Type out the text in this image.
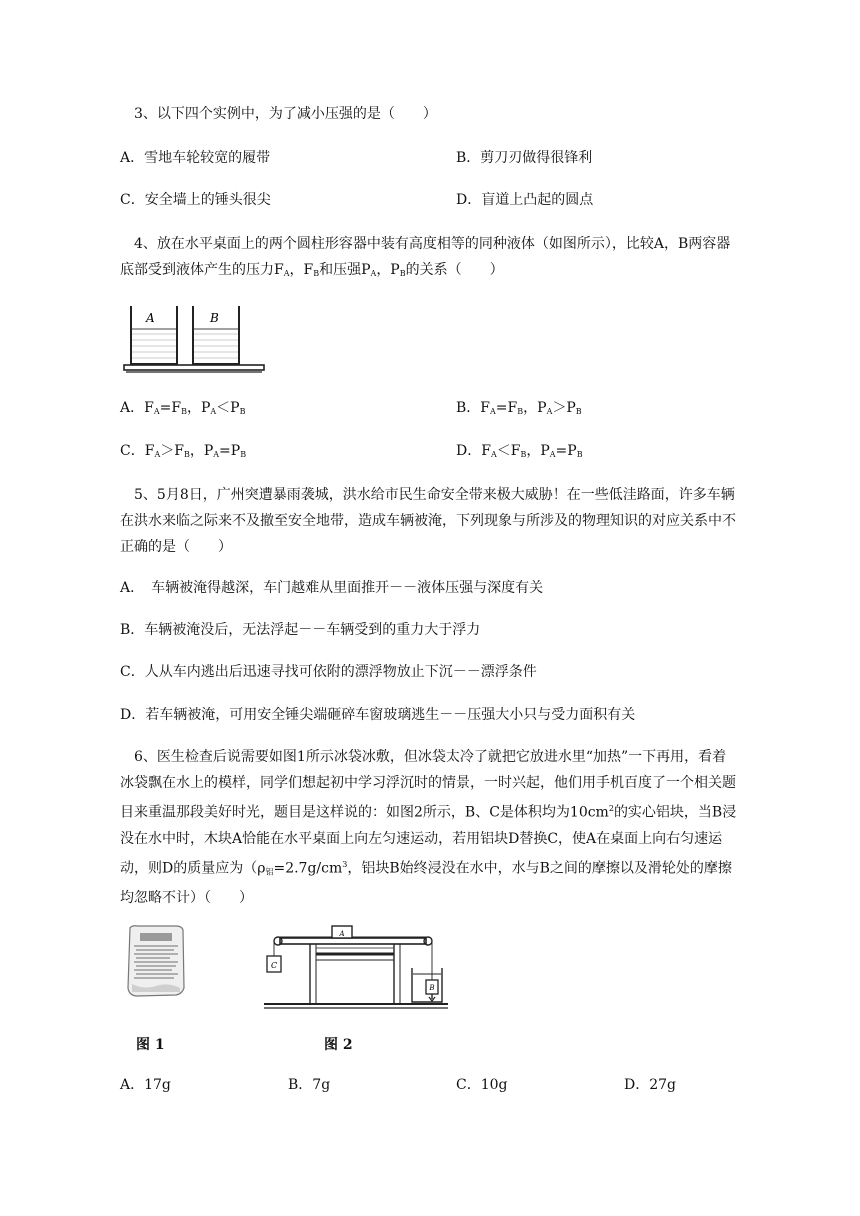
3、以下四个实例中，为了减小压强的是（　　）
A．雪地车轮较宽的履带	B．剪刀刃做得很锋利
C．安全墙上的锤头很尖	D．盲道上凸起的圆点
4、放在水平桌面上的两个圆柱形容器中装有高度相等的同种液体（如图所示），比较A，B两容器底部受到液体产生的压力$F_A$，$F_B$和压强$P_A$，$P_B$的关系（　　）
A	B
A．$F_A=F_B$，$P_A<P_B$	B．$F_A=F_B$，$P_A>P_B$
C．$F_A>F_B$，$P_A=P_B$	D．$F_A<F_B$，$P_A=P_B$
5、5月8日，广州突遭暴雨袭城，洪水给市民生命安全带来极大威胁！在一些低洼路面，许多车辆在洪水来临之际来不及撤至安全地带，造成车辆被淹，下列现象与所涉及的物理知识的对应关系中不正确的是（　　）
A．　车辆被淹得越深，车门越难从里面推开－－液体压强与深度有关
B．车辆被淹没后，无法浮起－－车辆受到的重力大于浮力
C．人从车内逃出后迅速寻找可依附的漂浮物放止下沉－－漂浮条件
D．若车辆被淹，可用安全锤尖端砸碎车窗玻璃逃生－－压强大小只与受力面积有关
6、医生检查后说需要如图1所示冰袋冰敷，但冰袋太冷了就把它放进水里“加热”一下再用，看着冰袋飘在水上的模样，同学们想起初中学习浮沉时的情景，一时兴起，他们用手机百度了一个相关题目来重温那段美好时光，题目是这样说的：如图2所示，B、C是体积均为$10cm^2$的实心铝块，当B浸没在水中时，木块A恰能在水平桌面上向左匀速运动，若用铝块D替换C，使A在桌面上向右匀速运动，则D的质量应为（$\rho_铝=2.7g/cm^3$，铝块B始终浸没在水中，水与B之间的摩擦以及滑轮处的摩擦均忽略不计）（　　）
图 1
A
C
B
图 2
A．17g	B．7g	C．10g	D．27g
